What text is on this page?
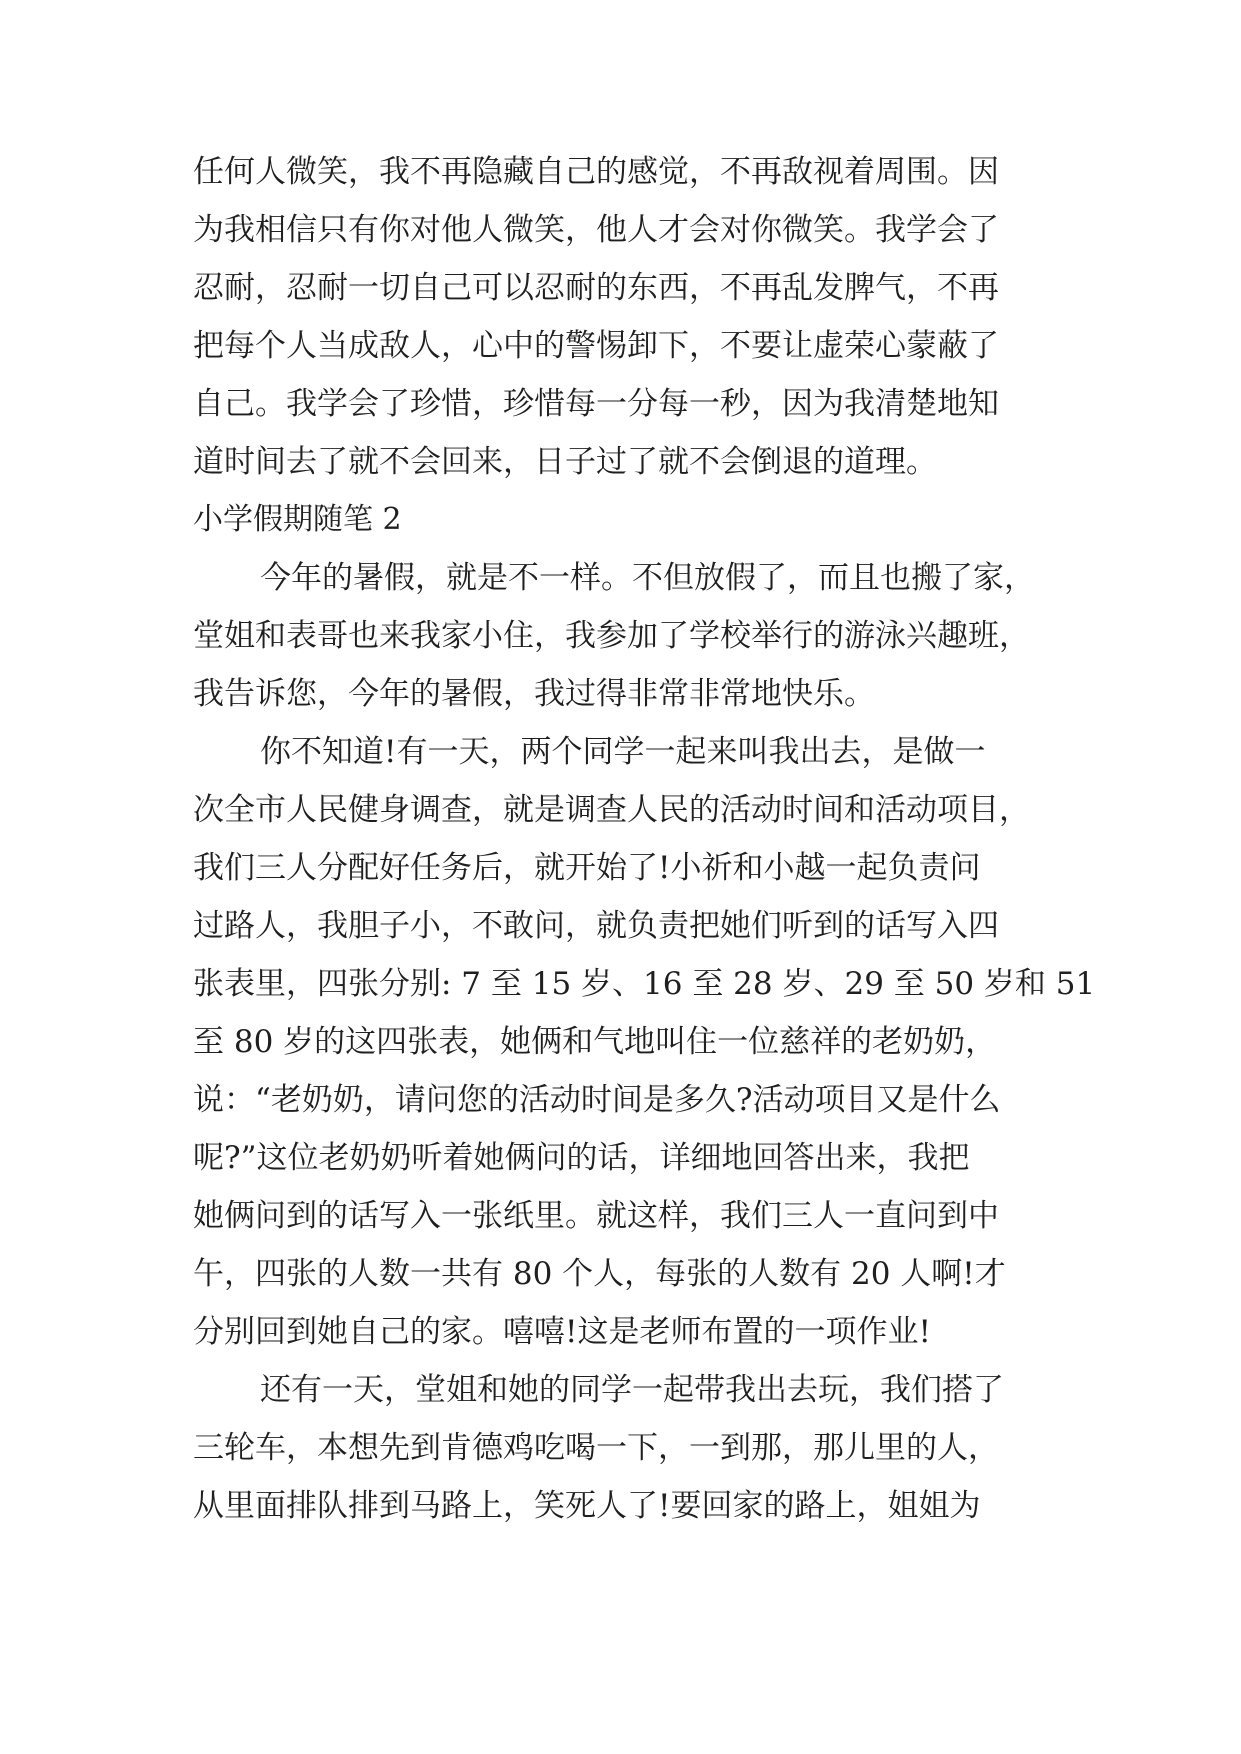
任何人微笑，我不再隐藏自己的感觉，不再敌视着周围。因
为我相信只有你对他人微笑，他人才会对你微笑。我学会了
忍耐，忍耐一切自己可以忍耐的东西，不再乱发脾气，不再
把每个人当成敌人，心中的警惕卸下，不要让虚荣心蒙蔽了
自己。我学会了珍惜，珍惜每一分每一秒，因为我清楚地知
道时间去了就不会回来，日子过了就不会倒退的道理。
小学假期随笔 2
今年的暑假，就是不一样。不但放假了，而且也搬了家，
堂姐和表哥也来我家小住，我参加了学校举行的游泳兴趣班，
我告诉您，今年的暑假，我过得非常非常地快乐。
你不知道!有一天，两个同学一起来叫我出去，是做一
次全市人民健身调查，就是调查人民的活动时间和活动项目，
我们三人分配好任务后，就开始了!小祈和小越一起负责问
过路人，我胆子小，不敢问，就负责把她们听到的话写入四
张表里，四张分别: 7 至 15 岁、16 至 28 岁、29 至 50 岁和 51
至 80 岁的这四张表，她俩和气地叫住一位慈祥的老奶奶，
说：“老奶奶，请问您的活动时间是多久?活动项目又是什么
呢?”这位老奶奶听着她俩问的话，详细地回答出来，我把
她俩问到的话写入一张纸里。就这样，我们三人一直问到中
午，四张的人数一共有 80 个人，每张的人数有 20 人啊!才
分别回到她自己的家。嘻嘻!这是老师布置的一项作业!
还有一天，堂姐和她的同学一起带我出去玩，我们搭了
三轮车，本想先到肯德鸡吃喝一下，一到那，那儿里的人，
从里面排队排到马路上，笑死人了!要回家的路上，姐姐为
